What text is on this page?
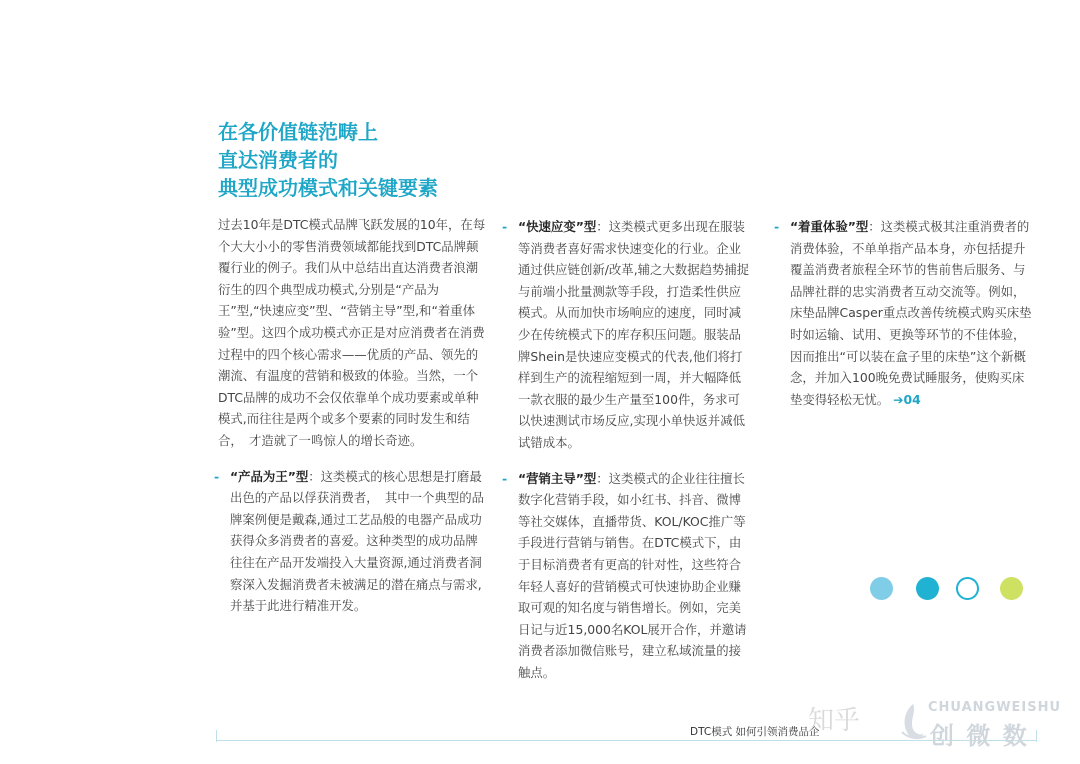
在各价值链范畴上
直达消费者的
典型成功模式和关键要素

过去10年是DTC模式品牌飞跃发展的10年，在每个大大小小的零售消费领域都能找到DTC品牌颠覆行业的例子。我们从中总结出直达消费者浪潮衍生的四个典型成功模式,分别是“产品为王”型,“快速应变”型、“营销主导”型,和“着重体验”型。这四个成功模式亦正是对应消费者在消费过程中的四个核心需求——优质的产品、领先的潮流、有温度的营销和极致的体验。当然，一个DTC品牌的成功不会仅依靠单个成功要素或单种模式,而往往是两个或多个要素的同时发生和结合，　才造就了一鸣惊人的增长奇迹。

- “产品为王”型：这类模式的核心思想是打磨最出色的产品以俘获消费者，　其中一个典型的品牌案例便是戴森,通过工艺品般的电器产品成功获得众多消费者的喜爱。这种类型的成功品牌往往在产品开发端投入大量资源,通过消费者洞察深入发掘消费者未被满足的潜在痛点与需求,并基于此进行精准开发。

- “快速应变”型：这类模式更多出现在服装等消费者喜好需求快速变化的行业。企业通过供应链创新/改革,辅之大数据趋势捕捉与前端小批量测款等手段，打造柔性供应模式。从而加快市场响应的速度，同时减少在传统模式下的库存积压问题。服装品牌Shein是快速应变模式的代表,他们将打样到生产的流程缩短到一周，并大幅降低一款衣服的最少生产量至100件，务求可以快速测试市场反应,实现小单快返并减低试错成本。

- “营销主导”型：这类模式的企业往往擅长数字化营销手段，如小红书、抖音、微博等社交媒体，直播带货、KOL/KOC推广等手段进行营销与销售。在DTC模式下，由于目标消费者有更高的针对性，这些符合年轻人喜好的营销模式可快速协助企业赚取可观的知名度与销售增长。例如，完美日记与近15,000名KOL展开合作，并邀请消费者添加微信账号，建立私域流量的接触点。

- “着重体验”型：这类模式极其注重消费者的消费体验，不单单指产品本身，亦包括提升覆盖消费者旅程全环节的售前售后服务、与品牌社群的忠实消费者互动交流等。例如，床垫品牌Casper重点改善传统模式购买床垫时如运输、试用、更换等环节的不佳体验，因而推出“可以装在盒子里的床垫”这个新概念，并加入100晚免费试睡服务，使购买床垫变得轻松无忧。 ➔04

DTC模式 如何引领消费品企
知乎	CHUANGWEISHU
创 微 数
